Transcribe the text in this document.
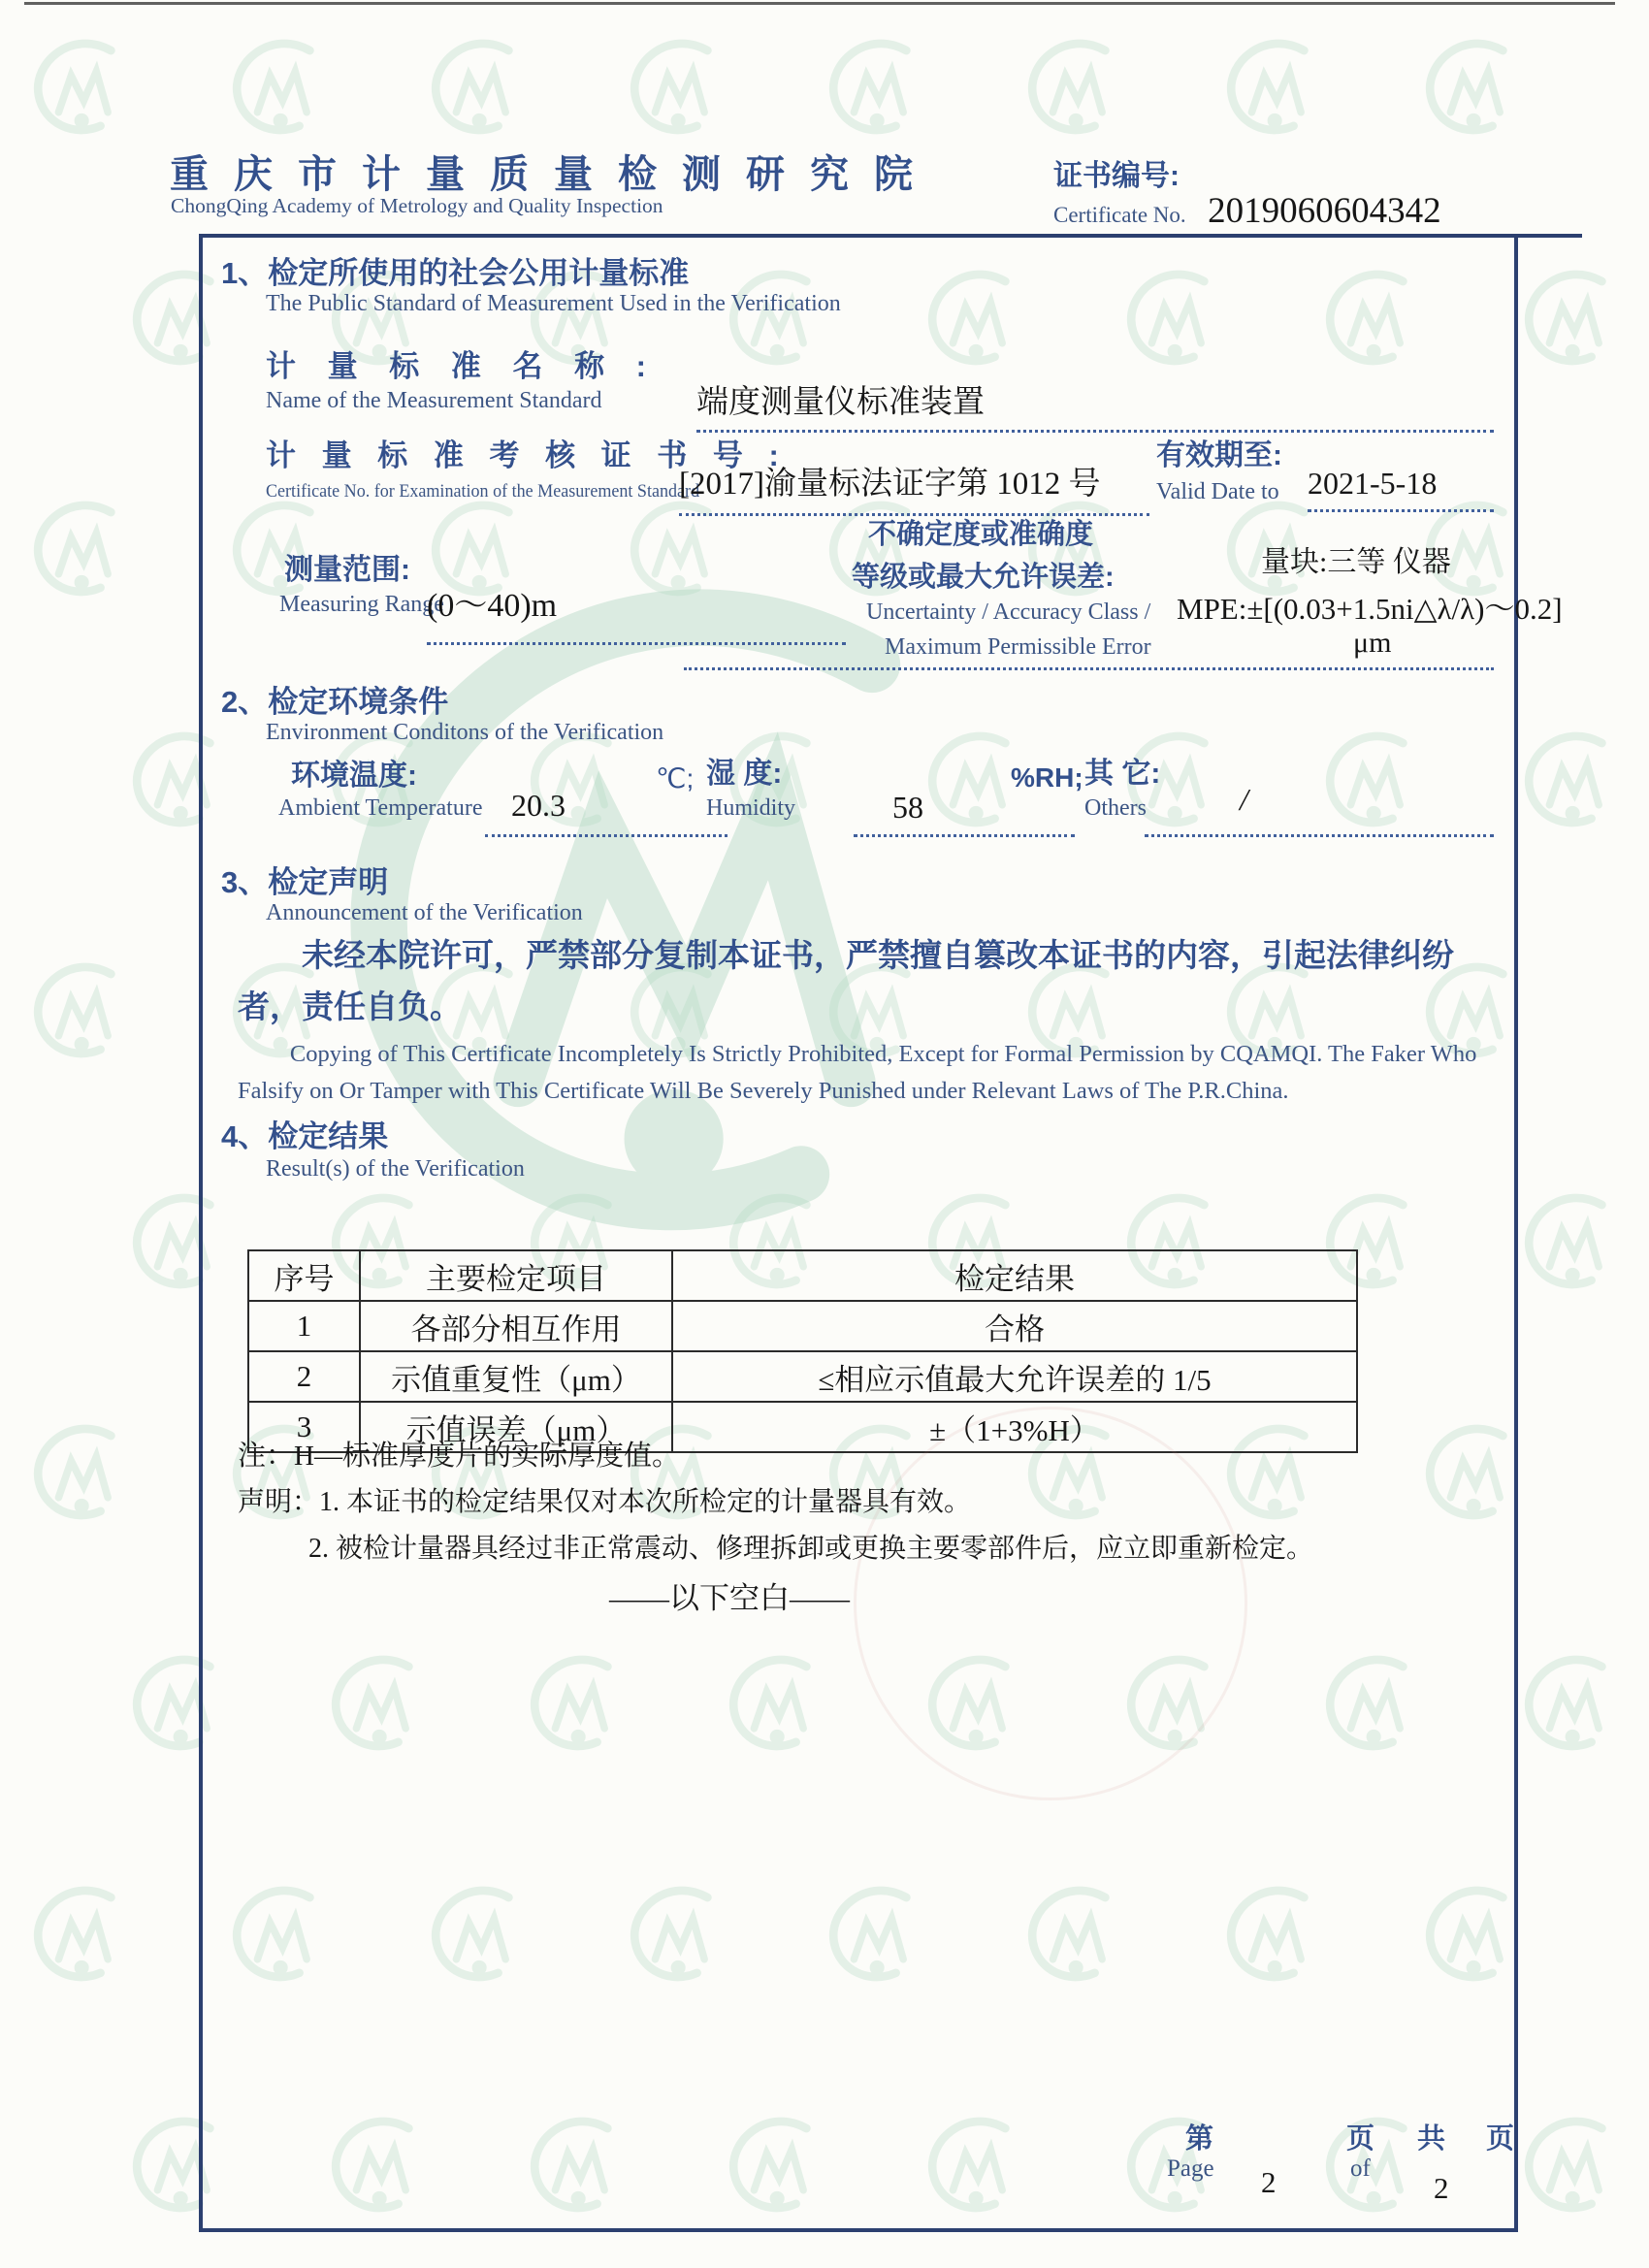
重庆市计量质量检测研究院
ChongQing Academy of Metrology and Quality Inspection
证书编号:
Certificate No. 2019060604342
1、检定所使用的社会公用计量标准
The Public Standard of Measurement Used in the Verification
计 量 标 准 名 称 :
Name of the Measurement Standard	端度测量仪标准装置
计 量 标 准 考 核 证 书 号 :
Certificate No. for Examination of the Measurement Standard
[2017]渝量标法证字第 1012 号
有效期至:
Valid Date to 2021-5-18
测量范围:
Measuring Range
(0～40)m
不确定度或准确度
等级或最大允许误差:
Uncertainty / Accuracy Class /
Maximum Permissible Error
量块:三等 仪器
MPE:±[(0.03+1.5ni△λ/λ)～0.2]
μm
2、检定环境条件
Environment Conditons of the Verification
环境温度:
Ambient Temperature 20.3
℃; 湿 度:
Humidity	58
%RH; 其 它:
Others	/
3、检定声明
Announcement of the Verification
未经本院许可，严禁部分复制本证书，严禁擅自篡改本证书的内容，引起法律纠纷者，责任自负。
Copying of This Certificate Incompletely Is Strictly Prohibited, Except for Formal Permission by CQAMQI. The Faker Who Falsify on Or Tamper with This Certificate Will Be Severely Punished under Relevant Laws of The P.R.China.
4、检定结果
Result(s) of the Verification
序号	主要检定项目	检定结果
1	各部分相互作用	合格
2	示值重复性（μm）	≤相应示值最大允许误差的 1/5
3	示值误差（μm）	±（1+3%H）
注：H—标准厚度片的实际厚度值。
声明：1. 本证书的检定结果仅对本次所检定的计量器具有效。
2. 被检计量器具经过非正常震动、修理拆卸或更换主要零部件后，应立即重新检定。
——以下空白——
第	页 共 页
Page 2	of
2
